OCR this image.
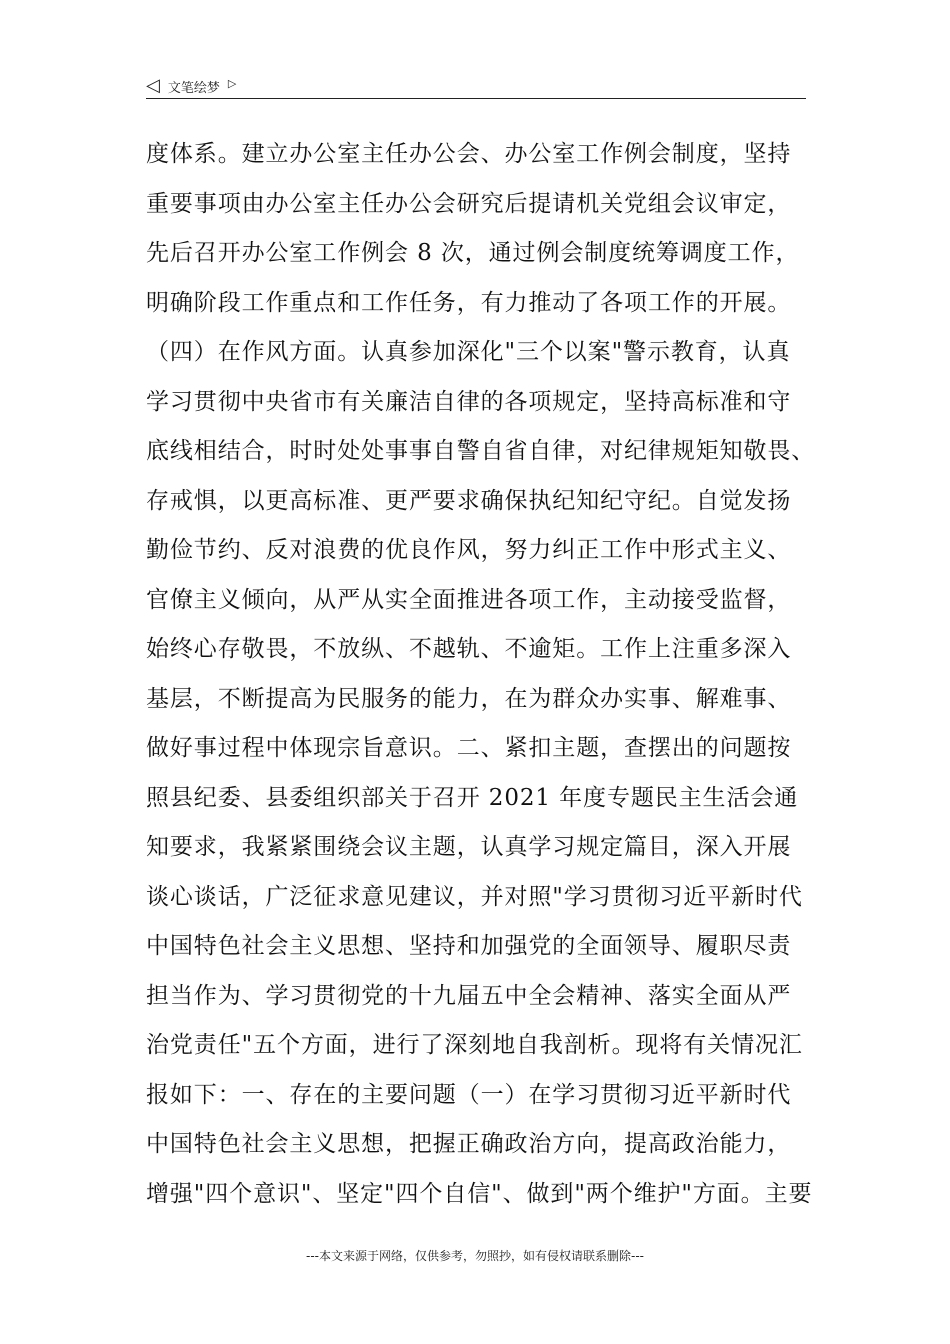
◁ 文笔绘梦 ▷
度体系。建立办公室主任办公会、办公室工作例会制度，坚持
重要事项由办公室主任办公会研究后提请机关党组会议审定，
先后召开办公室工作例会 8 次，通过例会制度统筹调度工作，
明确阶段工作重点和工作任务，有力推动了各项工作的开展。
（四）在作风方面。认真参加深化"三个以案"警示教育，认真
学习贯彻中央省市有关廉洁自律的各项规定，坚持高标准和守
底线相结合，时时处处事事自警自省自律，对纪律规矩知敬畏、
存戒惧，以更高标准、更严要求确保执纪知纪守纪。自觉发扬
勤俭节约、反对浪费的优良作风，努力纠正工作中形式主义、
官僚主义倾向，从严从实全面推进各项工作，主动接受监督，
始终心存敬畏，不放纵、不越轨、不逾矩。工作上注重多深入
基层，不断提高为民服务的能力，在为群众办实事、解难事、
做好事过程中体现宗旨意识。二、紧扣主题，查摆出的问题按
照县纪委、县委组织部关于召开 2021 年度专题民主生活会通
知要求，我紧紧围绕会议主题，认真学习规定篇目，深入开展
谈心谈话，广泛征求意见建议，并对照"学习贯彻习近平新时代
中国特色社会主义思想、坚持和加强党的全面领导、履职尽责
担当作为、学习贯彻党的十九届五中全会精神、落实全面从严
治党责任"五个方面，进行了深刻地自我剖析。现将有关情况汇
报如下：一、存在的主要问题（一）在学习贯彻习近平新时代
中国特色社会主义思想，把握正确政治方向，提高政治能力，
增强"四个意识"、坚定"四个自信"、做到"两个维护"方面。主要
---本文来源于网络，仅供参考，勿照抄，如有侵权请联系删除---
